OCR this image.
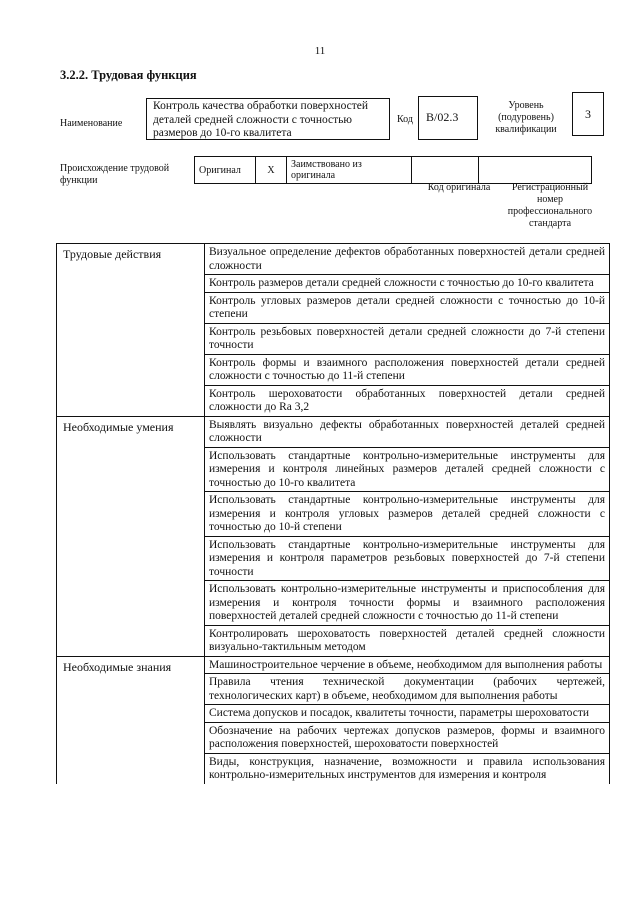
11
3.2.2. Трудовая функция
Наименование
Контроль качества обработки поверхностей деталей средней сложности с точностью размеров до 10-го квалитета
Код	В/02.3
Уровень (подуровень) квалификации
3
Происхождение трудовой функции
Оригинал	X	Заимствовано из оригинала		
Код оригинала	Регистрационный номер профессионального стандарта
Трудовые действия	Визуальное определение дефектов обработанных поверхностей детали средней сложности
	Контроль размеров детали средней сложности с точностью до 10-го квалитета
	Контроль угловых размеров детали средней сложности с точностью до 10-й степени
	Контроль резьбовых поверхностей детали средней сложности до 7-й степени точности
	Контроль формы и взаимного расположения поверхностей детали средней сложности с точностью до 11-й степени
	Контроль шероховатости обработанных поверхностей детали средней сложности до Ra 3,2
Необходимые умения	Выявлять визуально дефекты обработанных поверхностей деталей средней сложности
	Использовать стандартные контрольно-измерительные инструменты для измерения и контроля линейных размеров деталей средней сложности с точностью до 10-го квалитета
	Использовать стандартные контрольно-измерительные инструменты для измерения и контроля угловых размеров деталей средней сложности с точностью до 10-й степени
	Использовать стандартные контрольно-измерительные инструменты для измерения и контроля параметров резьбовых поверхностей до 7-й степени точности
	Использовать контрольно-измерительные инструменты и приспособления для измерения и контроля точности формы и взаимного расположения поверхностей деталей средней сложности с точностью до 11-й степени
	Контролировать шероховатость поверхностей деталей средней сложности визуально-тактильным методом
Необходимые знания	Машиностроительное черчение в объеме, необходимом для выполнения работы
	Правила чтения технической документации (рабочих чертежей, технологических карт) в объеме, необходимом для выполнения работы
	Система допусков и посадок, квалитеты точности, параметры шероховатости
	Обозначение на рабочих чертежах допусков размеров, формы и взаимного расположения поверхностей, шероховатости поверхностей
	Виды, конструкция, назначение, возможности и правила использования контрольно-измерительных инструментов для измерения и контроля
